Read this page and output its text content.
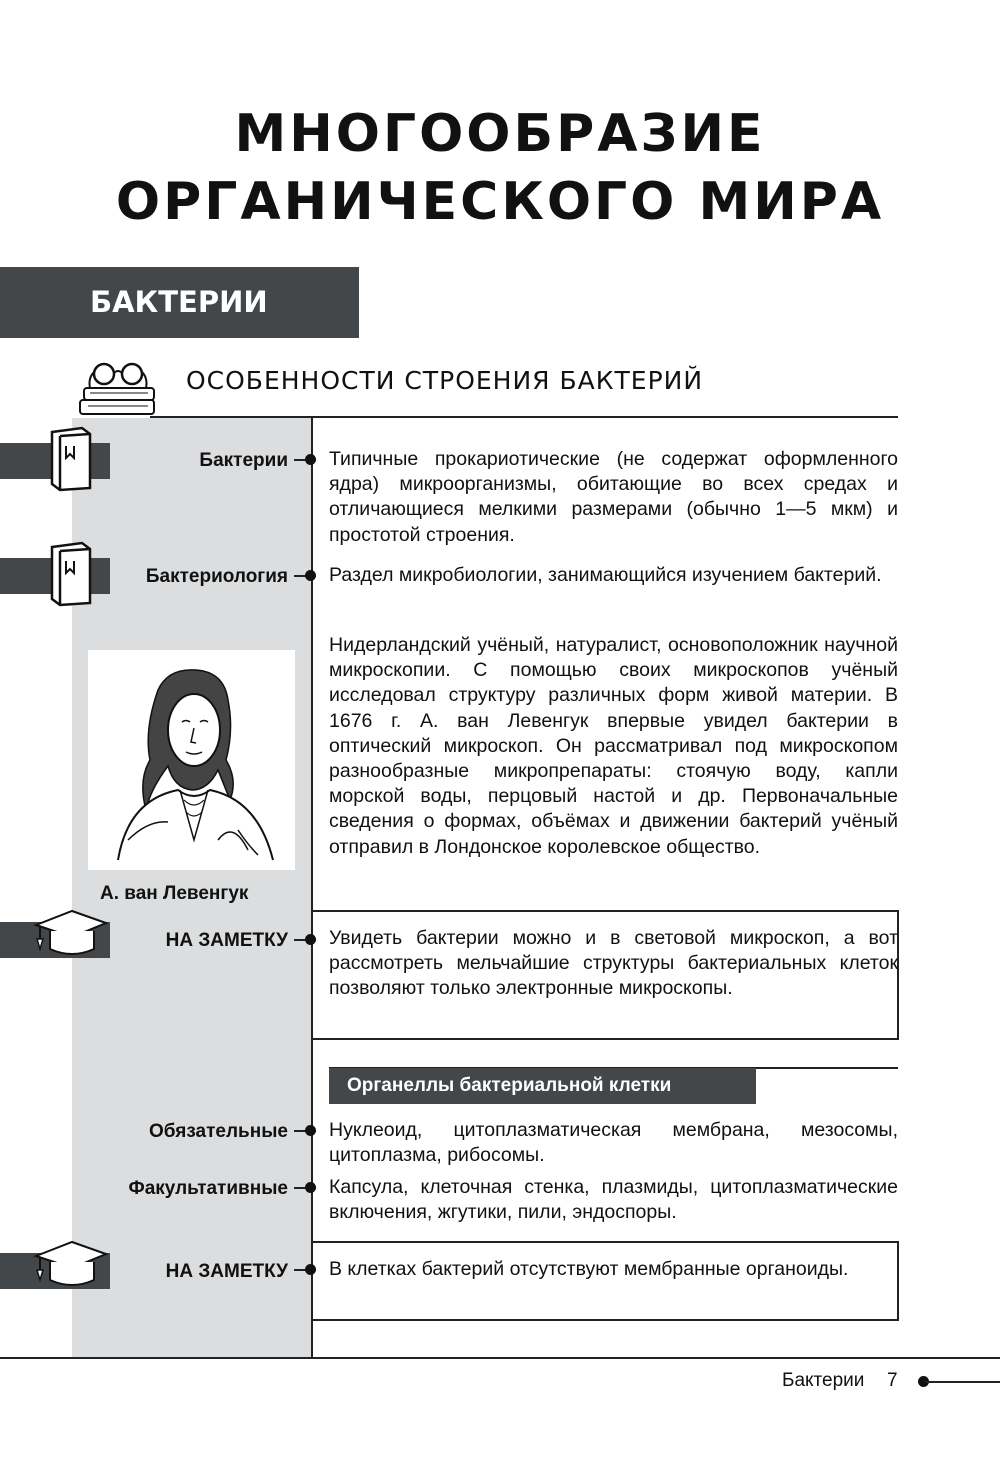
МНОГООБРАЗИЕ
ОРГАНИЧЕСКОГО МИРА
БАКТЕРИИ
ОСОБЕННОСТИ СТРОЕНИЯ БАКТЕРИЙ
Бактерии Типичные прокариотические (не содержат оформленного ядра) микроорганизмы, обитающие во всех средах и отличающиеся мелкими размерами (обычно 1—5 мкм) и простотой строения.
Бактериология Раздел микробиологии, занимающийся изучением бактерий.
А. ван Левенгук
Нидерландский учёный, натуралист, основоположник научной микроскопии. С помощью своих микроскопов учёный исследовал структуру различных форм живой материи. В 1676 г. А. ван Левенгук впервые увидел бактерии в оптический микроскоп. Он рассматривал под микроскопом разнообразные микропрепараты: стоячую воду, капли морской воды, перцовый настой и др. Первоначальные сведения о формах, объёмах и движении бактерий учёный отправил в Лондонское королевское общество.
НА ЗАМЕТКУ Увидеть бактерии можно и в световой микроскоп, а вот рассмотреть мельчайшие структуры бактериальных клеток позволяют только электронные микроскопы.
Органеллы бактериальной клетки
Обязательные Нуклеоид, цитоплазматическая мембрана, мезосомы, цитоплазма, рибосомы.
Факультативные Капсула, клеточная стенка, плазмиды, цитоплазматические включения, жгутики, пили, эндоспоры.
НА ЗАМЕТКУ В клетках бактерий отсутствуют мембранные органоиды.
Бактерии 7
